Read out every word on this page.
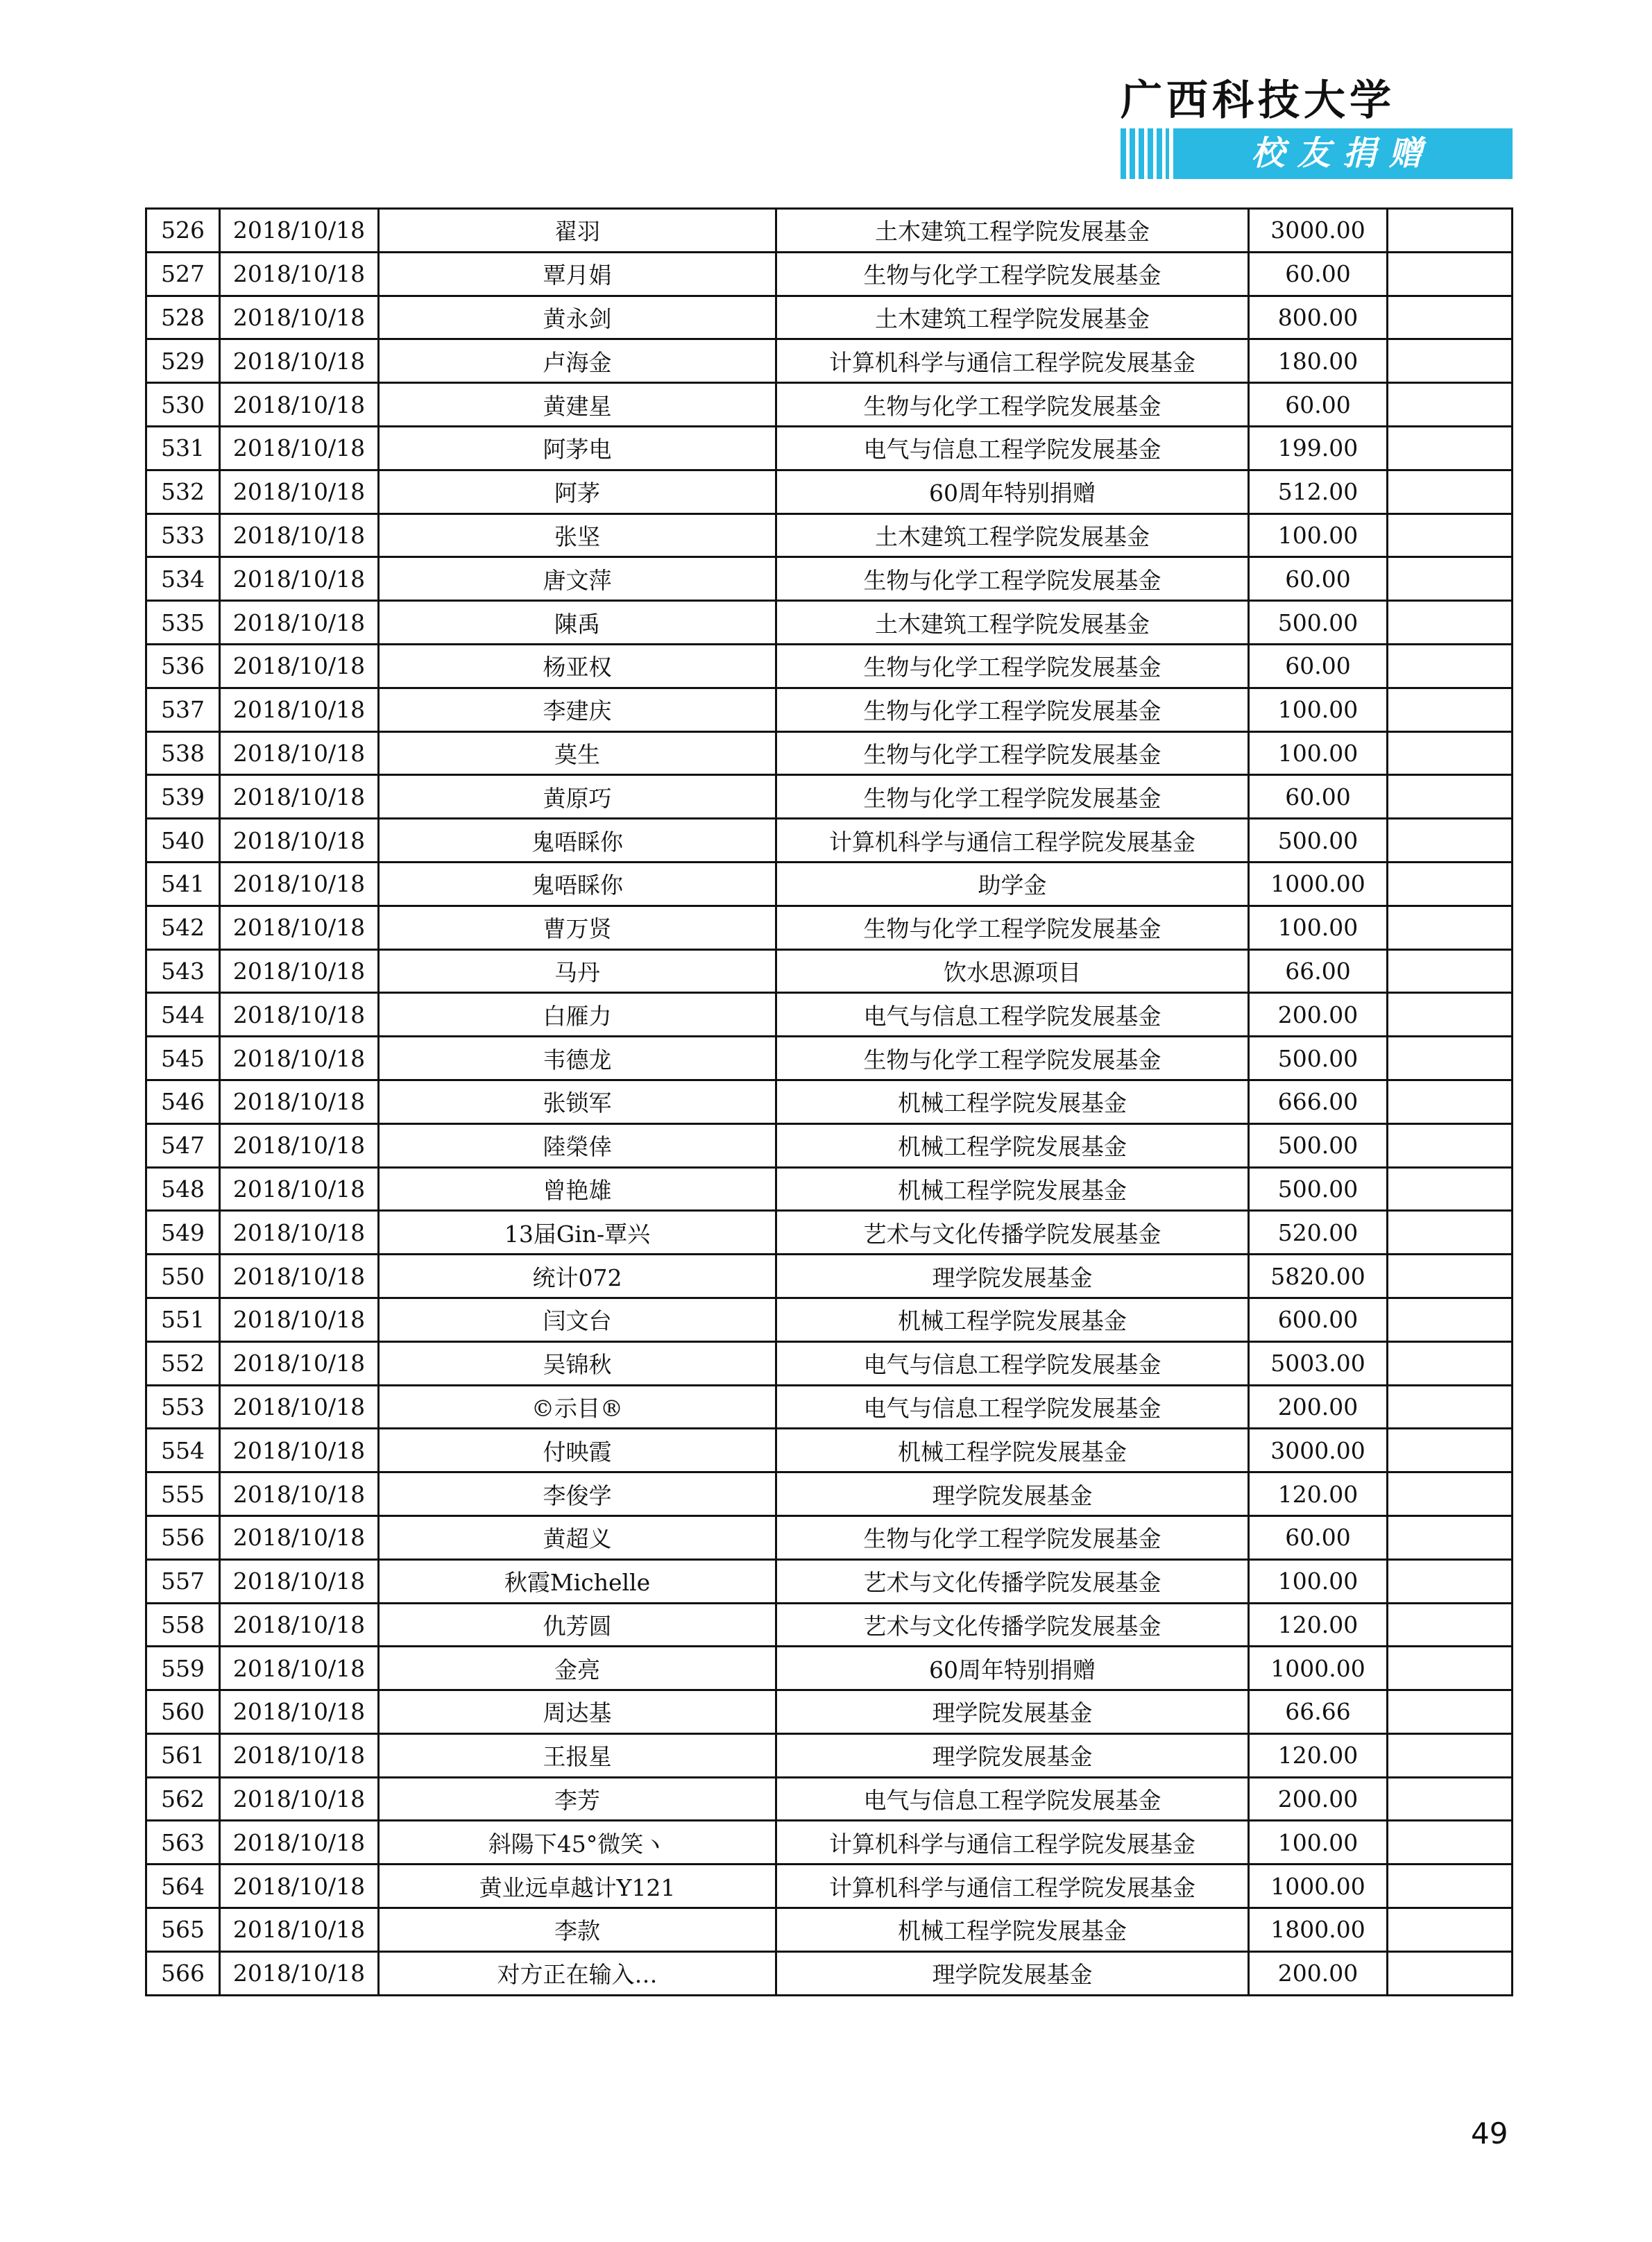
广西科技大学
校友捐赠
526	2018/10/18	翟羽	土木建筑工程学院发展基金	3000.00	
527	2018/10/18	覃月娟	生物与化学工程学院发展基金	60.00	
528	2018/10/18	黄永剑	土木建筑工程学院发展基金	800.00	
529	2018/10/18	卢海金	计算机科学与通信工程学院发展基金	180.00	
530	2018/10/18	黄建星	生物与化学工程学院发展基金	60.00	
531	2018/10/18	阿茅电	电气与信息工程学院发展基金	199.00	
532	2018/10/18	阿茅	60周年特别捐赠	512.00	
533	2018/10/18	张坚	土木建筑工程学院发展基金	100.00	
534	2018/10/18	唐文萍	生物与化学工程学院发展基金	60.00	
535	2018/10/18	陳禹	土木建筑工程学院发展基金	500.00	
536	2018/10/18	杨亚权	生物与化学工程学院发展基金	60.00	
537	2018/10/18	李建庆	生物与化学工程学院发展基金	100.00	
538	2018/10/18	莫生	生物与化学工程学院发展基金	100.00	
539	2018/10/18	黄原巧	生物与化学工程学院发展基金	60.00	
540	2018/10/18	鬼唔睬你	计算机科学与通信工程学院发展基金	500.00	
541	2018/10/18	鬼唔睬你	助学金	1000.00	
542	2018/10/18	曹万贤	生物与化学工程学院发展基金	100.00	
543	2018/10/18	马丹	饮水思源项目	66.00	
544	2018/10/18	白雁力	电气与信息工程学院发展基金	200.00	
545	2018/10/18	韦德龙	生物与化学工程学院发展基金	500.00	
546	2018/10/18	张锁军	机械工程学院发展基金	666.00	
547	2018/10/18	陸榮倖	机械工程学院发展基金	500.00	
548	2018/10/18	曾艳雄	机械工程学院发展基金	500.00	
549	2018/10/18	13届Gin-覃兴	艺术与文化传播学院发展基金	520.00	
550	2018/10/18	统计072	理学院发展基金	5820.00	
551	2018/10/18	闫文台	机械工程学院发展基金	600.00	
552	2018/10/18	吴锦秋	电气与信息工程学院发展基金	5003.00	
553	2018/10/18	©示目®	电气与信息工程学院发展基金	200.00	
554	2018/10/18	付映霞	机械工程学院发展基金	3000.00	
555	2018/10/18	李俊学	理学院发展基金	120.00	
556	2018/10/18	黄超义	生物与化学工程学院发展基金	60.00	
557	2018/10/18	秋霞Michelle	艺术与文化传播学院发展基金	100.00	
558	2018/10/18	仇芳圆	艺术与文化传播学院发展基金	120.00	
559	2018/10/18	金亮	60周年特别捐赠	1000.00	
560	2018/10/18	周达基	理学院发展基金	66.66	
561	2018/10/18	王报星	理学院发展基金	120.00	
562	2018/10/18	李芳	电气与信息工程学院发展基金	200.00	
563	2018/10/18	斜陽下45°微笑ヽ	计算机科学与通信工程学院发展基金	100.00	
564	2018/10/18	黄业远卓越计Y121	计算机科学与通信工程学院发展基金	1000.00	
565	2018/10/18	李款	机械工程学院发展基金	1800.00	
566	2018/10/18	对方正在输入…	理学院发展基金	200.00	
49
